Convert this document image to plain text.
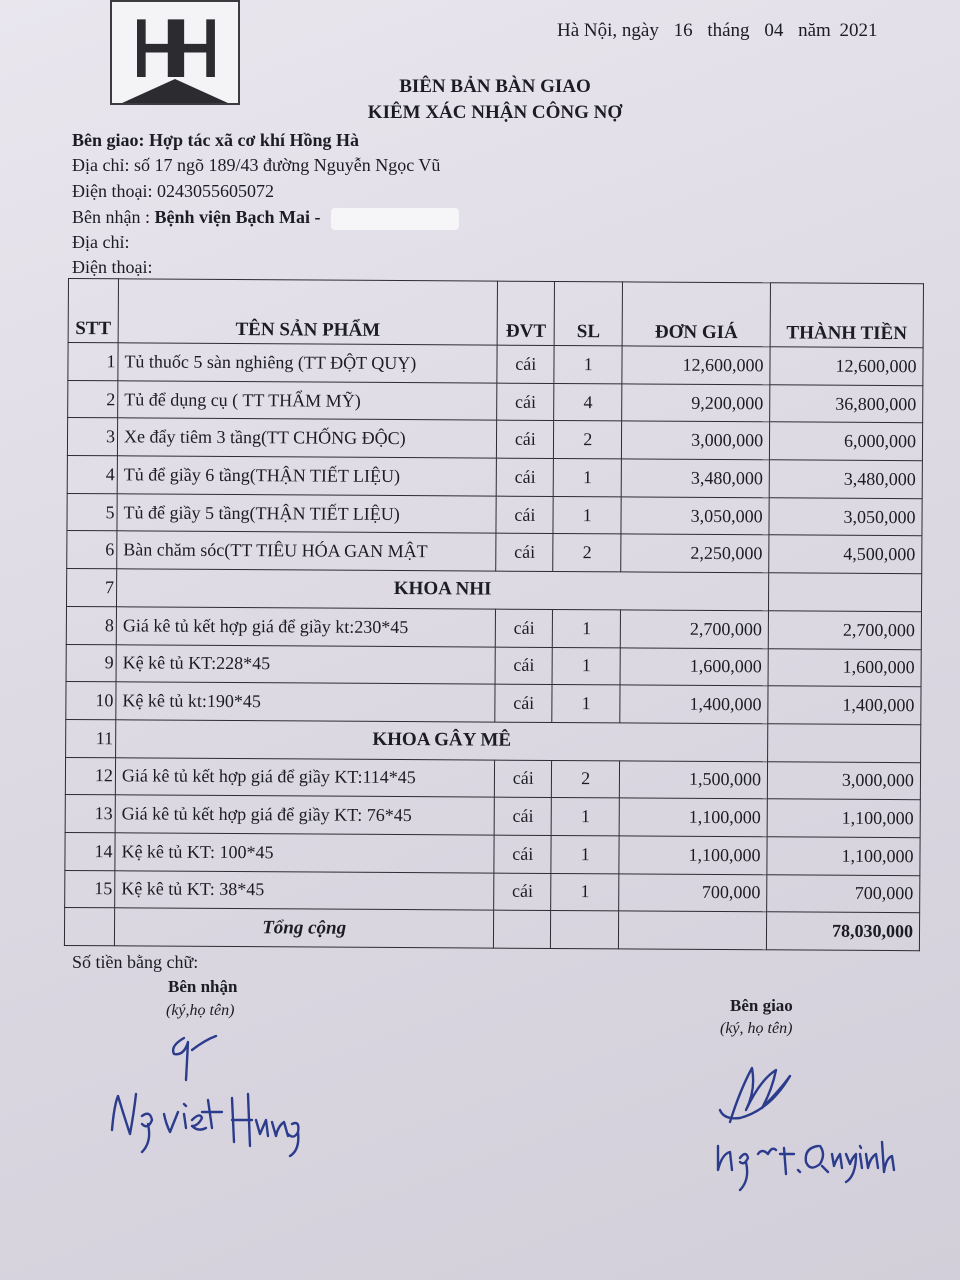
Hà Nội, ngày 16 tháng 04 năm 2021
BIÊN BẢN BÀN GIAO
KIÊM XÁC NHẬN CÔNG NỢ
Bên giao: Hợp tác xã cơ khí Hồng Hà
Địa chỉ: số 17 ngõ 189/43 đường Nguyễn Ngọc Vũ
Điện thoại: 0243055605072
Bên nhận : Bệnh viện Bạch Mai -
Địa chỉ:
Điện thoại:
STT	TÊN SẢN PHẨM	ĐVT	SL	ĐƠN GIÁ	THÀNH TIỀN
1	Tủ thuốc 5 sàn nghiêng (TT ĐỘT QUỴ)	cái	1	12,600,000	12,600,000
2	Tủ để dụng cụ ( TT THẨM MỸ)	cái	4	9,200,000	36,800,000
3	Xe đẩy tiêm 3 tầng(TT CHỐNG ĐỘC)	cái	2	3,000,000	6,000,000
4	Tủ để giầy 6 tầng(THẬN TIẾT LIỆU)	cái	1	3,480,000	3,480,000
5	Tủ để giầy 5 tầng(THẬN TIẾT LIỆU)	cái	1	3,050,000	3,050,000
6	Bàn chăm sóc(TT TIÊU HÓA GAN MẬT	cái	2	2,250,000	4,500,000
7	KHOA NHI				
8	Giá kê tủ kết hợp giá để giầy kt:230*45	cái	1	2,700,000	2,700,000
9	Kệ kê tủ KT:228*45	cái	1	1,600,000	1,600,000
10	Kệ kê tủ kt:190*45	cái	1	1,400,000	1,400,000
11	KHOA GÂY MÊ				
12	Giá kê tủ kết hợp giá để giầy KT:114*45	cái	2	1,500,000	3,000,000
13	Giá kê tủ kết hợp giá để giầy KT: 76*45	cái	1	1,100,000	1,100,000
14	Kệ kê tủ KT: 100*45	cái	1	1,100,000	1,100,000
15	Kệ kê tủ KT: 38*45	cái	1	700,000	700,000
	Tổng cộng				78,030,000
Số tiền bằng chữ:
Bên nhận
(ký,họ tên)	Bên giao
(ký, họ tên)
